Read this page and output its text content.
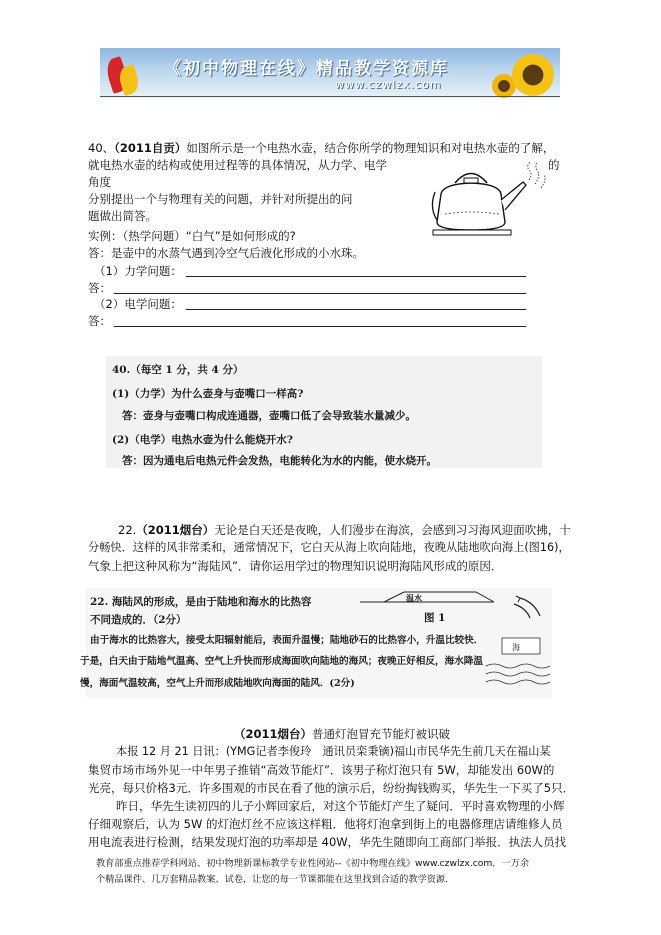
《初中物理在线》精品教学资源库
www.czwlzx.com
40、（2011自贡）如图所示是一个电热水壶，结合你所学的物理知识和对电热水壶的了解，
就电热水壶的结构或使用过程等的具体情况，从力学、电学	的
角度
分别提出一个与物理有关的问题，并针对所提出的问
题做出简答。
实例：（热学问题）“白气”是如何形成的?
答：是壶中的水蒸气遇到冷空气后液化形成的小水珠。
（1）力学问题：
答：
（2）电学问题：
答：
40.（每空 1 分，共 4 分）
(1)（力学）为什么壶身与壶嘴口一样高?
答：壶身与壶嘴口构成连通器，壶嘴口低了会导致装水量减少。
(2)（电学）电热水壶为什么能烧开水?
答：因为通电后电热元件会发热，电能转化为水的内能，使水烧开。
22.（2011烟台）无论是白天还是夜晚，人们漫步在海滨，会感到习习海风迎面吹拂，十
分畅快．这样的风非常柔和，通常情况下，它白天从海上吹向陆地，夜晚从陆地吹向海上(图16)，
气象上把这种风称为“海陆风”．请你运用学过的物理知识说明海陆风形成的原因．
22. 海陆风的形成，是由于陆地和海水的比热容
不同造成的．（2分）
由于海水的比热容大，接受太阳辐射能后，表面升温慢；陆地砂石的比热容小，升温比较快．
于是，白天由于陆地气温高、空气上升快而形成海面吹向陆地的海风；夜晚正好相反，海水降温
慢，海面气温较高，空气上升而形成陆地吹向海面的陆风．(2分)
温水
图 1
海
（2011烟台）普通灯泡冒充节能灯被识破
本报 12 月 21 日讯：(YMG记者李俊玲　通讯员栾秉镝)福山市民华先生前几天在福山某
集贸市场市场外见一中年男子推销“高效节能灯”．该男子称灯泡只有 5W，却能发出 60W的
光亮，每只价格3元．许多围观的市民在看了他的演示后，纷纷掏钱购买，华先生一下买了5只．
昨日，华先生读初四的儿子小辉回家后，对这个节能灯产生了疑问．平时喜欢物理的小辉
仔细观察后，认为 5W 的灯泡灯丝不应该这样粗．他将灯泡拿到街上的电器修理店请维修人员
用电流表进行检测，结果发现灯泡的功率却是 40W，华先生随即向工商部门举报．执法人员找
教育部重点推荐学科网站、初中物理新课标教学专业性网站--《初中物理在线》www.czwlzx.com．一万余
个精品课件、几万套精品教案、试卷，让您的每一节课都能在这里找到合适的教学资源．
